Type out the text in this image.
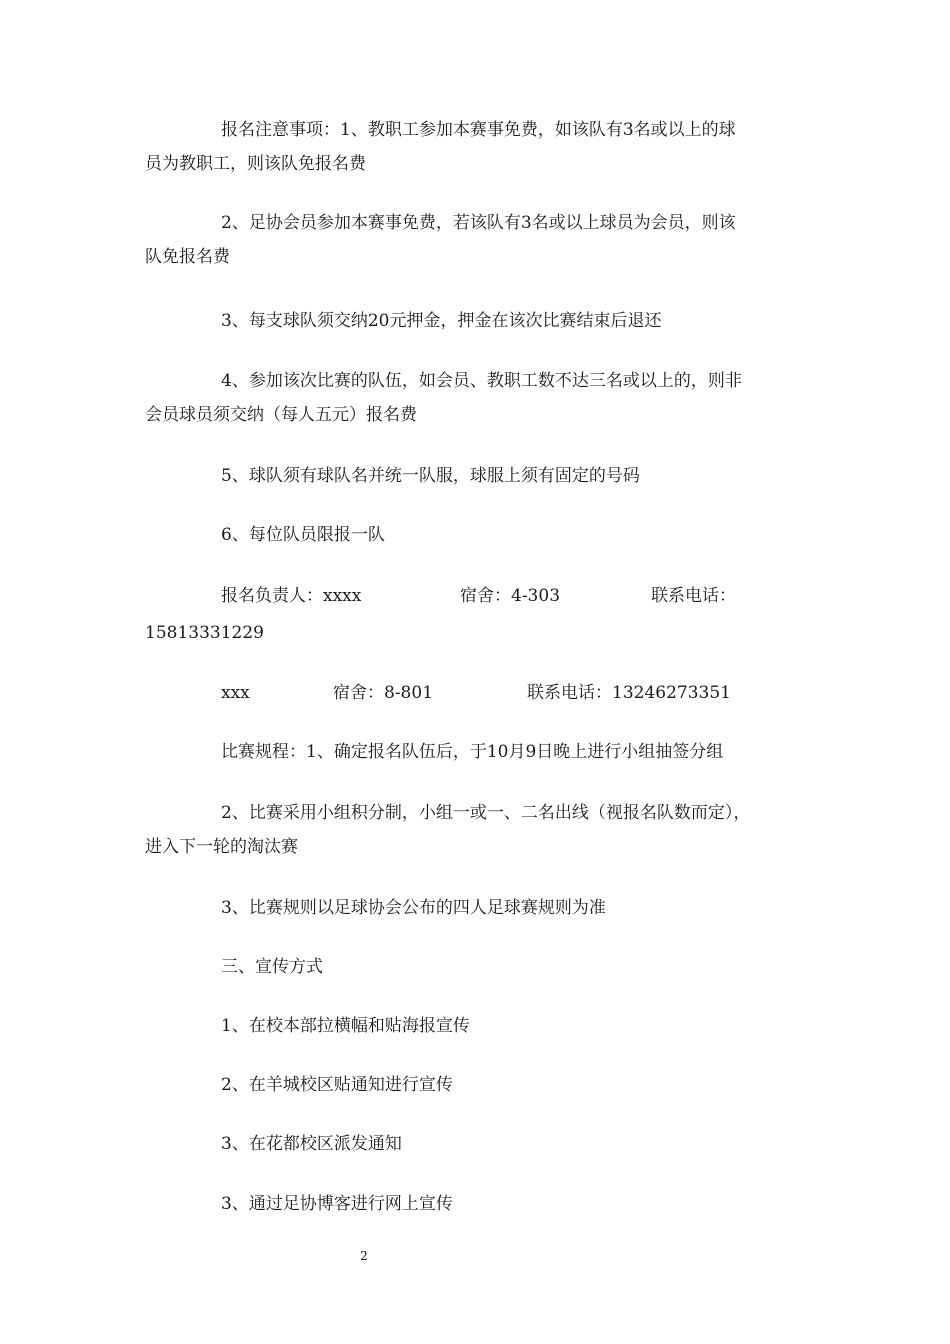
报名注意事项：1、教职工参加本赛事免费，如该队有3名或以上的球
员为教职工，则该队免报名费
2、足协会员参加本赛事免费，若该队有3名或以上球员为会员，则该
队免报名费
3、每支球队须交纳20元押金，押金在该次比赛结束后退还
4、参加该次比赛的队伍，如会员、教职工数不达三名或以上的，则非
会员球员须交纳（每人五元）报名费
5、球队须有球队名并统一队服，球服上须有固定的号码
6、每位队员限报一队
报名负责人：xxxx	宿舍：4-303	联系电话：
15813331229
xxx	宿舍：8-801	联系电话：13246273351
比赛规程：1、确定报名队伍后，于10月9日晚上进行小组抽签分组
2、比赛采用小组积分制，小组一或一、二名出线（视报名队数而定），
进入下一轮的淘汰赛
3、比赛规则以足球协会公布的四人足球赛规则为准
三、宣传方式
1、在校本部拉横幅和贴海报宣传
2、在羊城校区贴通知进行宣传
3、在花都校区派发通知
3、通过足协博客进行网上宣传
2
